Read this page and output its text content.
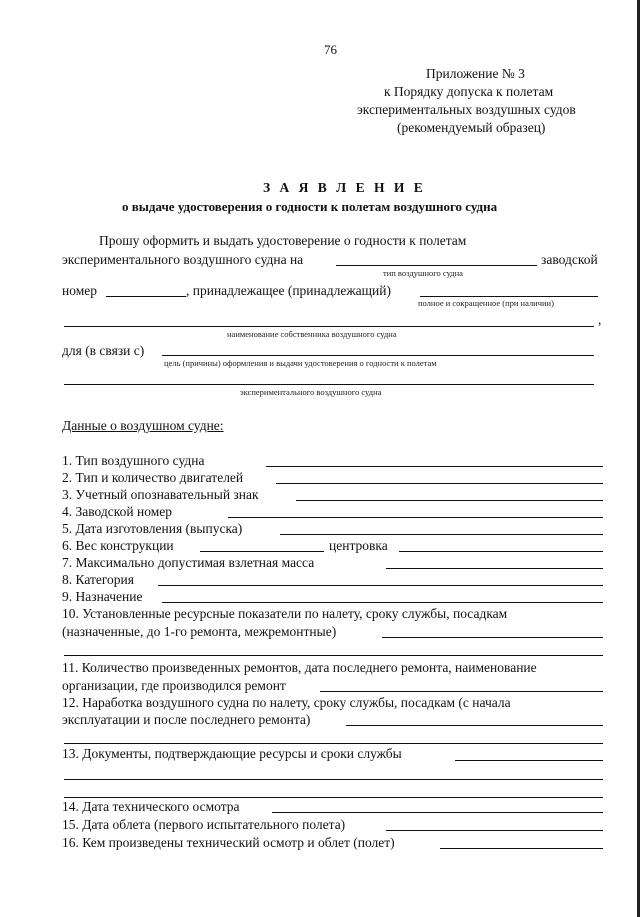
76
Приложение № 3
к Порядку допуска к полетам
экспериментальных воздушных судов
(рекомендуемый образец)
З А Я В Л Е Н И Е
о выдаче удостоверения о годности к полетам воздушного судна
Прошу оформить и выдать удостоверение о годности к полетам
экспериментального воздушного судна на	заводской
тип воздушного судна
номер	, принадлежащее (принадлежащий)
полное и сокращенное (при наличии)
,
наименование собственника воздушного судна
для (в связи с)
цель (причины) оформления и выдачи удостоверения о годности к полетам
экспериментального воздушного судна
Данные о воздушном судне:
1. Тип воздушного судна
2. Тип и количество двигателей
3. Учетный опознавательный знак
4. Заводской номер
5. Дата изготовления (выпуска)
6. Вес конструкции	центровка
7. Максимально допустимая взлетная масса
8. Категория
9. Назначение
10. Установленные ресурсные показатели по налету, сроку службы, посадкам
(назначенные, до 1-го ремонта, межремонтные)
11. Количество произведенных ремонтов, дата последнего ремонта, наименование
организации, где производился ремонт
12. Наработка воздушного судна по налету, сроку службы, посадкам (с начала
эксплуатации и после последнего ремонта)
13. Документы, подтверждающие ресурсы и сроки службы
14. Дата технического осмотра
15. Дата облета (первого испытательного полета)
16. Кем произведены технический осмотр и облет (полет)
